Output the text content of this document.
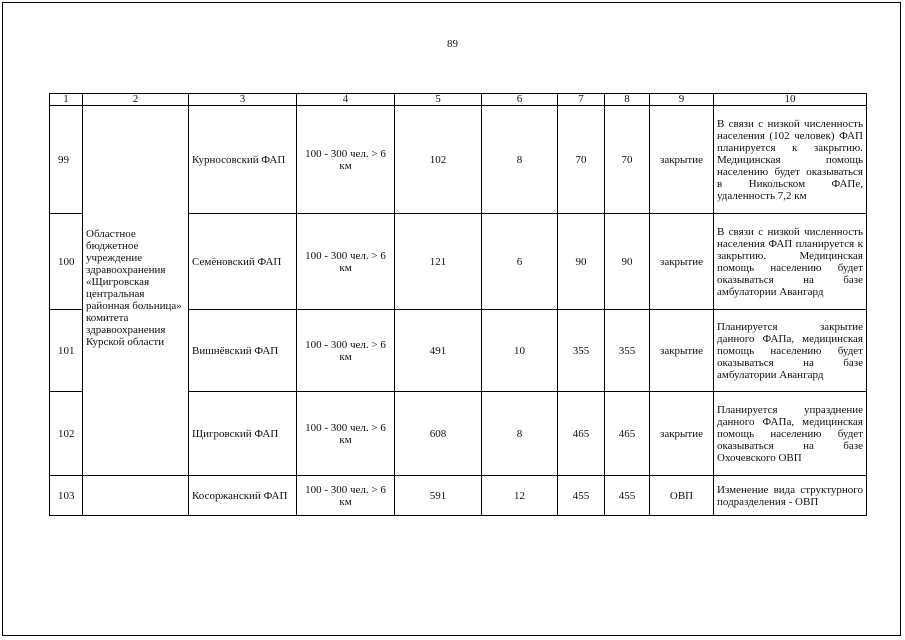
89
1	2	3	4	5	6	7	8	9	10
99	Областное бюджетное учреждение здравоохранения «Щигровская центральная районная больница» комитета здравоохранения Курской области	Курносовский ФАП	100 - 300 чел. > 6 км	102	8	70	70	закрытие	В связи с низкой численность населения (102 человек) ФАП планируется к закрытию. Медицинская помощь населению будет оказываться в Никольском ФАПе, удаленность 7,2 км
100		Семёновский ФАП	100 - 300 чел. > 6 км	121	6	90	90	закрытие	В связи с низкой численность населения ФАП планируется к закрытию. Медицинская помощь населению будет оказываться на базе амбулатории Авангард
101		Вишнёвский ФАП	100 - 300 чел. > 6 км	491	10	355	355	закрытие	Планируется закрытие данного ФАПа, медицинская помощь населению будет оказываться на базе амбулатории Авангард
102		Щигровский ФАП	100 - 300 чел. > 6 км	608	8	465	465	закрытие	Планируется упразднение данного ФАПа, медицинская помощь населению будет оказываться на базе Охочевского ОВП
103		Косоржанский ФАП	100 - 300 чел. > 6 км	591	12	455	455	ОВП	Изменение вида структурного подразделения - ОВП
